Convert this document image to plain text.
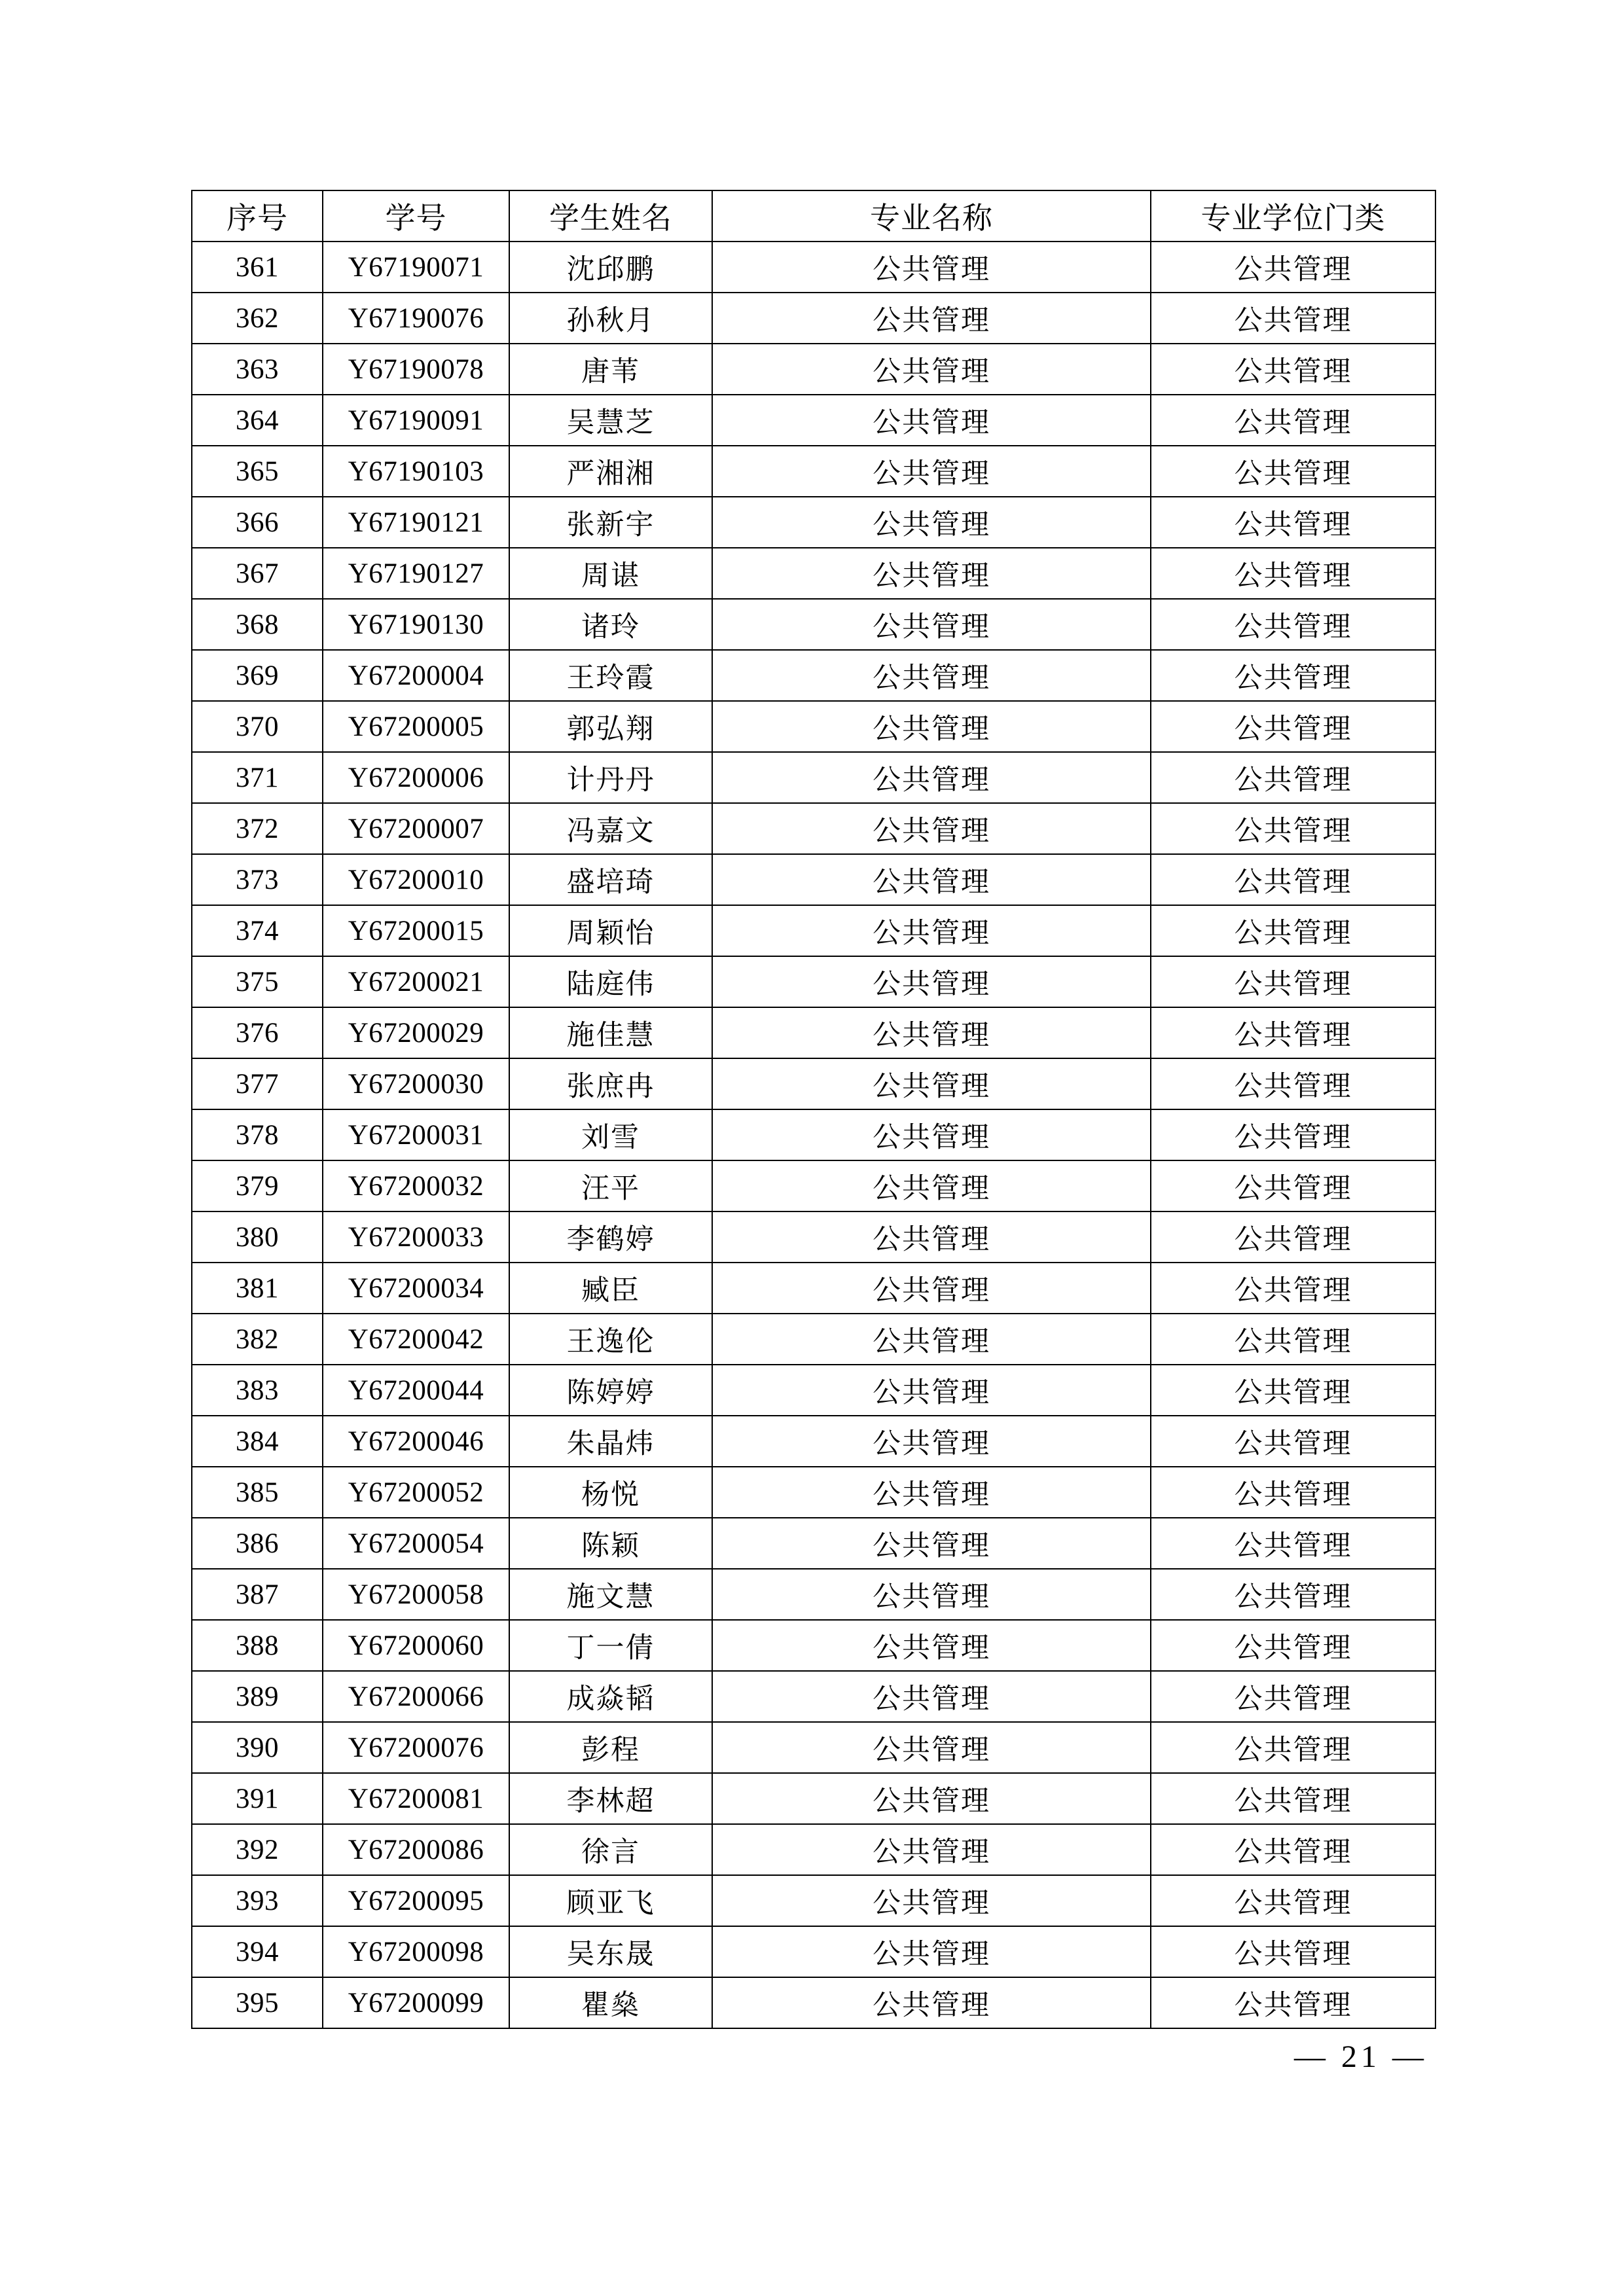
序号	学号	学生姓名	专业名称	专业学位门类
361	Y67190071	沈邱鹏	公共管理	公共管理
362	Y67190076	孙秋月	公共管理	公共管理
363	Y67190078	唐苇	公共管理	公共管理
364	Y67190091	吴慧芝	公共管理	公共管理
365	Y67190103	严湘湘	公共管理	公共管理
366	Y67190121	张新宇	公共管理	公共管理
367	Y67190127	周谌	公共管理	公共管理
368	Y67190130	诸玲	公共管理	公共管理
369	Y67200004	王玲霞	公共管理	公共管理
370	Y67200005	郭弘翔	公共管理	公共管理
371	Y67200006	计丹丹	公共管理	公共管理
372	Y67200007	冯嘉文	公共管理	公共管理
373	Y67200010	盛培琦	公共管理	公共管理
374	Y67200015	周颖怡	公共管理	公共管理
375	Y67200021	陆庭伟	公共管理	公共管理
376	Y67200029	施佳慧	公共管理	公共管理
377	Y67200030	张庶冉	公共管理	公共管理
378	Y67200031	刘雪	公共管理	公共管理
379	Y67200032	汪平	公共管理	公共管理
380	Y67200033	李鹤婷	公共管理	公共管理
381	Y67200034	臧臣	公共管理	公共管理
382	Y67200042	王逸伦	公共管理	公共管理
383	Y67200044	陈婷婷	公共管理	公共管理
384	Y67200046	朱晶炜	公共管理	公共管理
385	Y67200052	杨悦	公共管理	公共管理
386	Y67200054	陈颖	公共管理	公共管理
387	Y67200058	施文慧	公共管理	公共管理
388	Y67200060	丁一倩	公共管理	公共管理
389	Y67200066	成焱韬	公共管理	公共管理
390	Y67200076	彭程	公共管理	公共管理
391	Y67200081	李林超	公共管理	公共管理
392	Y67200086	徐言	公共管理	公共管理
393	Y67200095	顾亚飞	公共管理	公共管理
394	Y67200098	吴东晟	公共管理	公共管理
395	Y67200099	瞿燊	公共管理	公共管理
— 21 —
